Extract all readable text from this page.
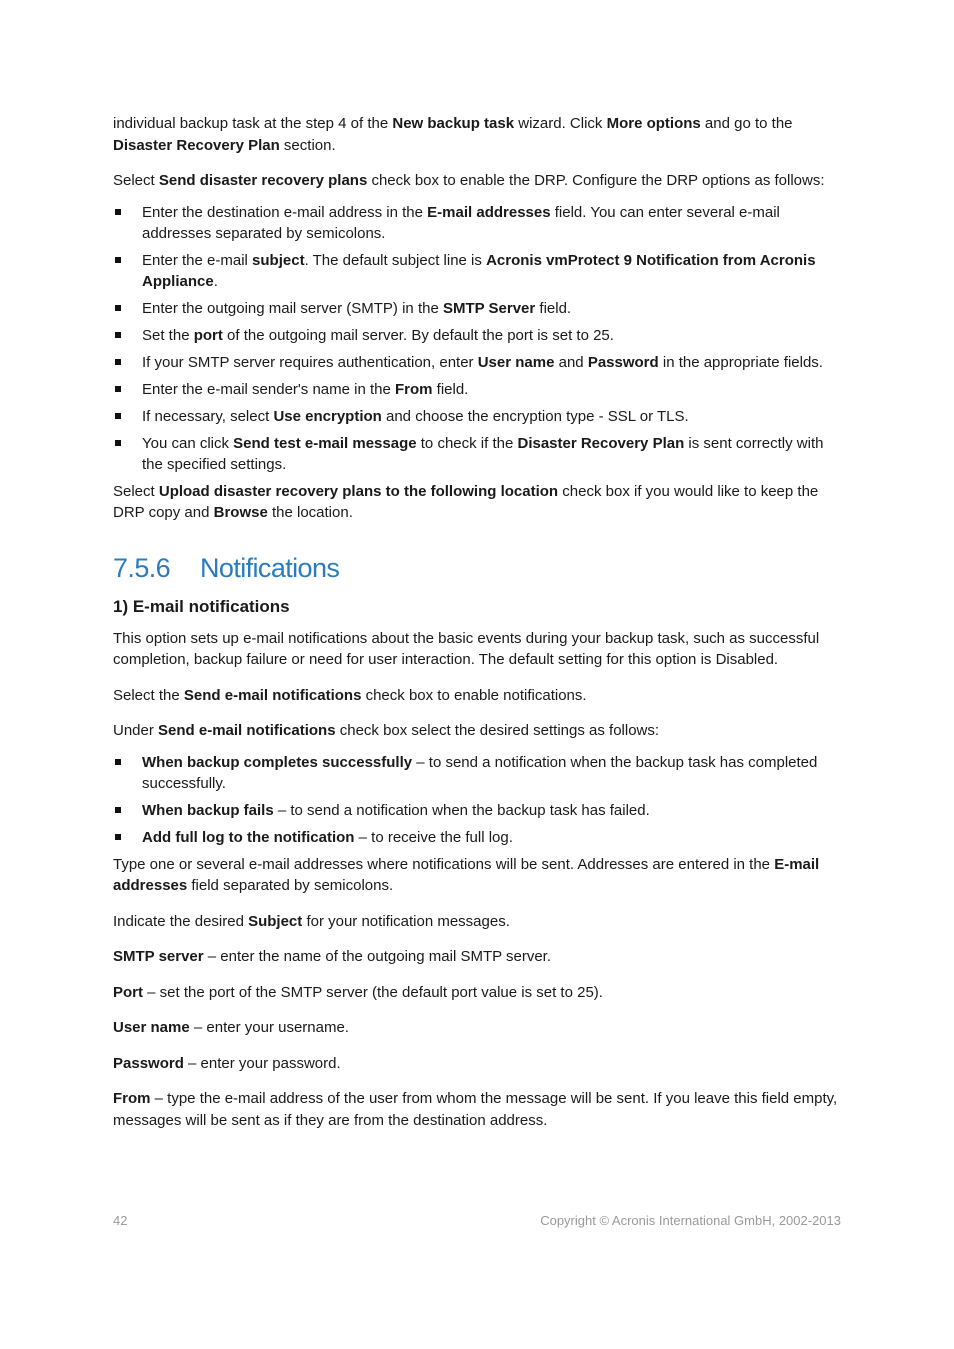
individual backup task at the step 4 of the New backup task wizard. Click More options and go to the Disaster Recovery Plan section.

Select Send disaster recovery plans check box to enable the DRP. Configure the DRP options as follows:

Enter the destination e-mail address in the E-mail addresses field. You can enter several e-mail addresses separated by semicolons.
Enter the e-mail subject. The default subject line is Acronis vmProtect 9 Notification from Acronis Appliance.
Enter the outgoing mail server (SMTP) in the SMTP Server field.
Set the port of the outgoing mail server. By default the port is set to 25.
If your SMTP server requires authentication, enter User name and Password in the appropriate fields.
Enter the e-mail sender's name in the From field.
If necessary, select Use encryption and choose the encryption type - SSL or TLS.
You can click Send test e-mail message to check if the Disaster Recovery Plan is sent correctly with the specified settings.

Select Upload disaster recovery plans to the following location check box if you would like to keep the DRP copy and Browse the location.

7.5.6 Notifications
1) E-mail notifications

This option sets up e-mail notifications about the basic events during your backup task, such as successful completion, backup failure or need for user interaction. The default setting for this option is Disabled.

Select the Send e-mail notifications check box to enable notifications.

Under Send e-mail notifications check box select the desired settings as follows:

When backup completes successfully – to send a notification when the backup task has completed successfully.
When backup fails – to send a notification when the backup task has failed.
Add full log to the notification – to receive the full log.

Type one or several e-mail addresses where notifications will be sent. Addresses are entered in the E-mail addresses field separated by semicolons.

Indicate the desired Subject for your notification messages.

SMTP server – enter the name of the outgoing mail SMTP server.

Port – set the port of the SMTP server (the default port value is set to 25).

User name – enter your username.

Password – enter your password.

From – type the e-mail address of the user from whom the message will be sent. If you leave this field empty, messages will be sent as if they are from the destination address.

42	Copyright © Acronis International GmbH, 2002-2013
